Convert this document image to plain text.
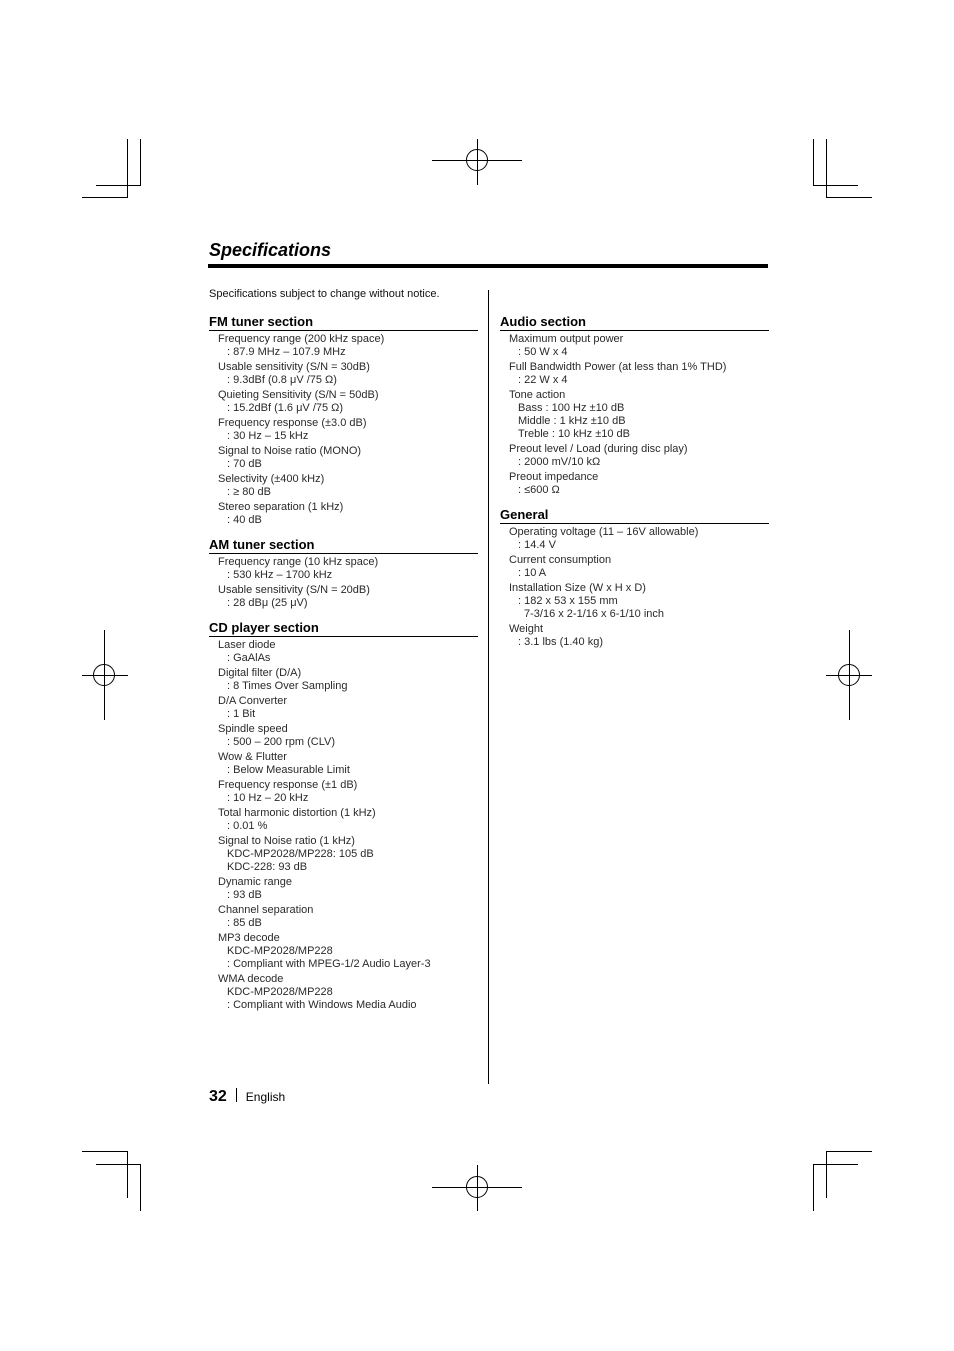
Specifications
Specifications subject to change without notice.
FM tuner section
Frequency range (200 kHz space)
: 87.9 MHz – 107.9 MHz
Usable sensitivity (S/N = 30dB)
: 9.3dBf (0.8 μV /75 Ω)
Quieting Sensitivity (S/N = 50dB)
: 15.2dBf (1.6 μV /75 Ω)
Frequency response (±3.0 dB)
: 30 Hz – 15 kHz
Signal to Noise ratio (MONO)
: 70 dB
Selectivity (±400 kHz)
: ≥ 80 dB
Stereo separation (1 kHz)
: 40 dB
AM tuner section
Frequency range (10 kHz space)
: 530 kHz – 1700 kHz
Usable sensitivity (S/N = 20dB)
: 28 dBμ (25 μV)
CD player section
Laser diode
: GaAlAs
Digital filter (D/A)
: 8 Times Over Sampling
D/A Converter
: 1 Bit
Spindle speed
: 500 – 200 rpm (CLV)
Wow & Flutter
: Below Measurable Limit
Frequency response (±1 dB)
: 10 Hz – 20 kHz
Total harmonic distortion (1 kHz)
: 0.01 %
Signal to Noise ratio (1 kHz)
KDC-MP2028/MP228: 105 dB
KDC-228: 93 dB
Dynamic range
: 93 dB
Channel separation
: 85 dB
MP3 decode
KDC-MP2028/MP228
: Compliant with MPEG-1/2 Audio Layer-3
WMA decode
KDC-MP2028/MP228
: Compliant with Windows Media Audio
Audio section
Maximum output power
: 50 W x 4
Full Bandwidth Power (at less than 1% THD)
: 22 W x 4
Tone action
Bass : 100 Hz ±10 dB
Middle : 1 kHz ±10 dB
Treble : 10 kHz ±10 dB
Preout level / Load (during disc play)
: 2000 mV/10 kΩ
Preout impedance
: ≤600 Ω
General
Operating voltage (11 – 16V allowable)
: 14.4 V
Current consumption
: 10 A
Installation Size (W x H x D)
: 182 x 53 x 155 mm
7-3/16 x 2-1/16 x 6-1/10 inch
Weight
: 3.1 lbs (1.40 kg)
32 English
